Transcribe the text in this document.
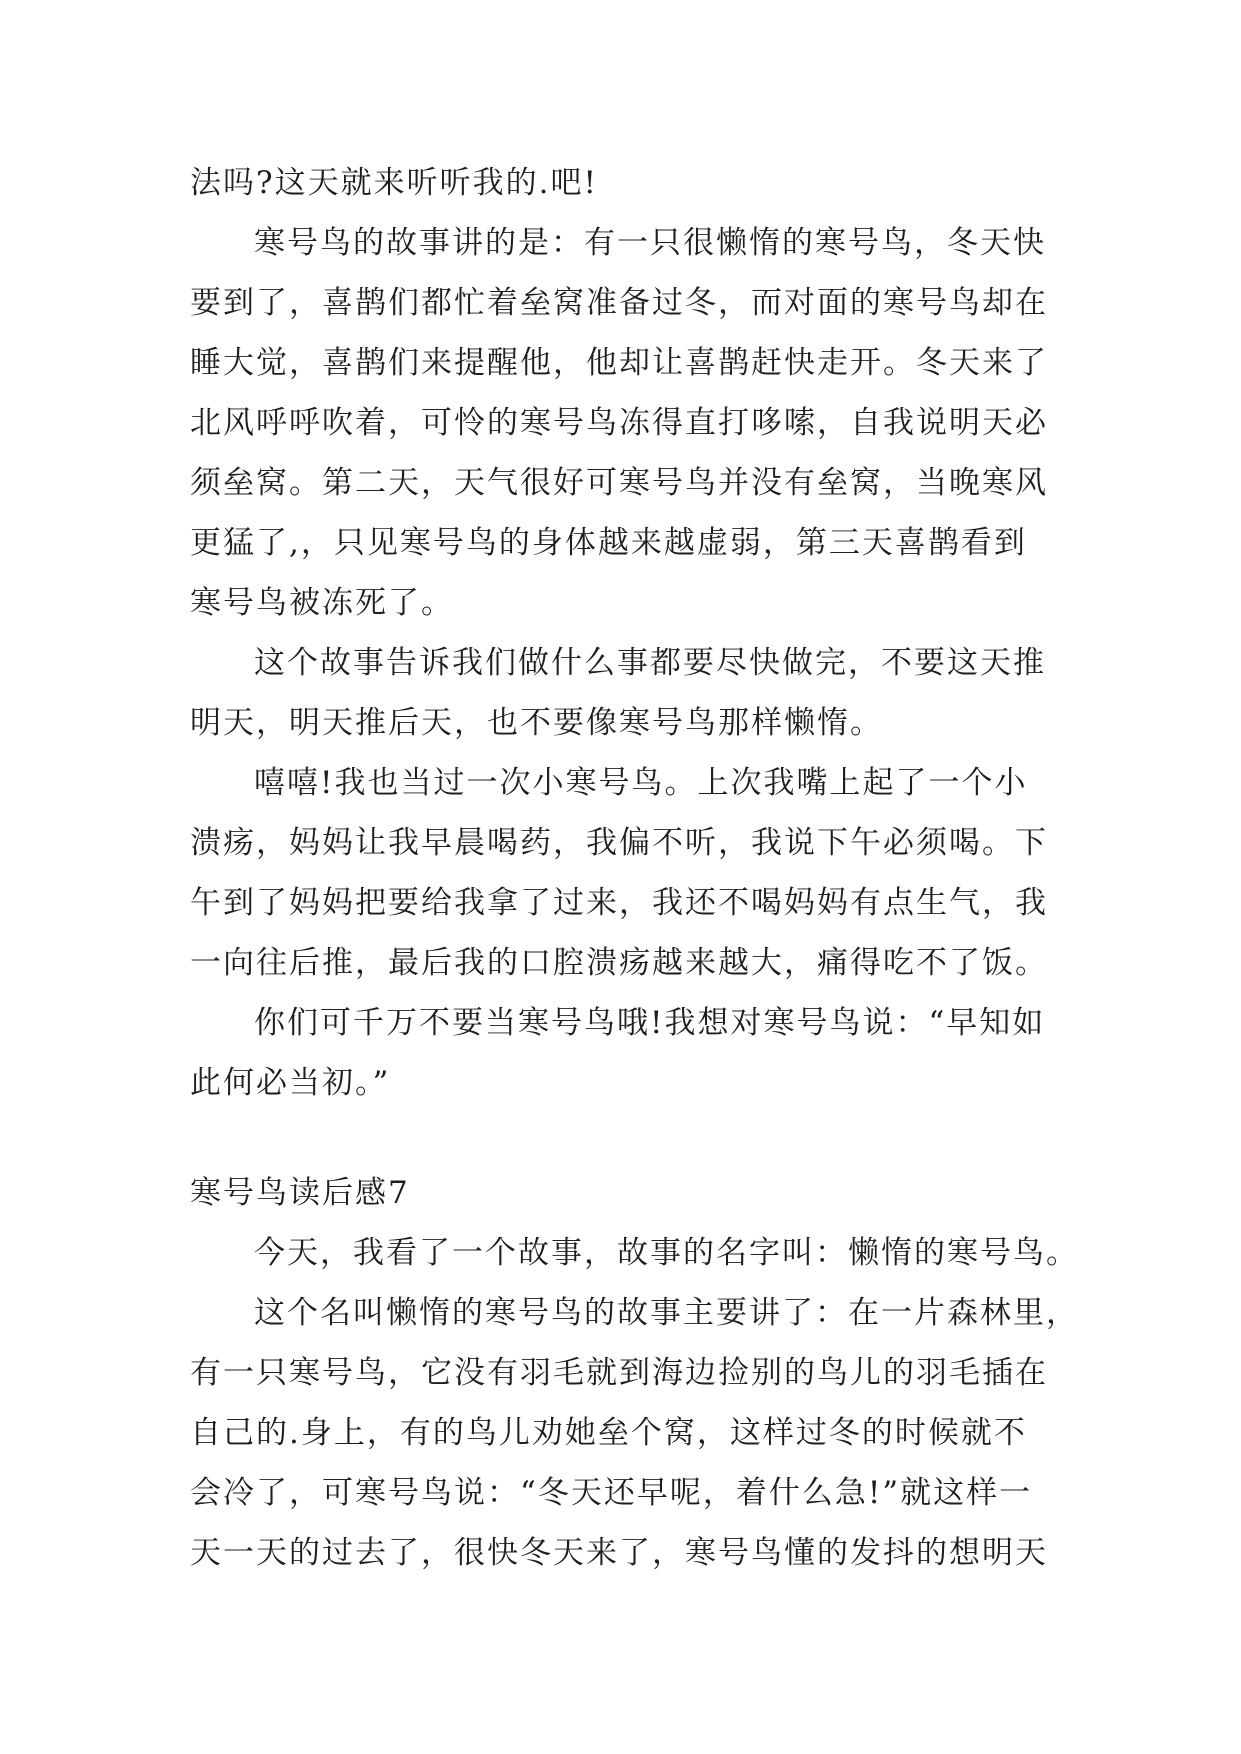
法吗?这天就来听听我的.吧!

寒号鸟的故事讲的是：有一只很懒惰的寒号鸟，冬天快

要到了，喜鹊们都忙着垒窝准备过冬，而对面的寒号鸟却在

睡大觉，喜鹊们来提醒他，他却让喜鹊赶快走开。冬天来了

北风呼呼吹着，可怜的寒号鸟冻得直打哆嗦，自我说明天必

须垒窝。第二天，天气很好可寒号鸟并没有垒窝，当晚寒风

更猛了,，只见寒号鸟的身体越来越虚弱，第三天喜鹊看到

寒号鸟被冻死了。

这个故事告诉我们做什么事都要尽快做完，不要这天推

明天，明天推后天，也不要像寒号鸟那样懒惰。

嘻嘻!我也当过一次小寒号鸟。上次我嘴上起了一个小

溃疡，妈妈让我早晨喝药，我偏不听，我说下午必须喝。下

午到了妈妈把要给我拿了过来，我还不喝妈妈有点生气，我

一向往后推，最后我的口腔溃疡越来越大，痛得吃不了饭。

你们可千万不要当寒号鸟哦!我想对寒号鸟说：“早知如

此何必当初。”

寒号鸟读后感7

今天，我看了一个故事，故事的名字叫：懒惰的寒号鸟。

这个名叫懒惰的寒号鸟的故事主要讲了：在一片森林里，

有一只寒号鸟，它没有羽毛就到海边捡别的鸟儿的羽毛插在

自己的.身上，有的鸟儿劝她垒个窝，这样过冬的时候就不

会冷了，可寒号鸟说：“冬天还早呢，着什么急!”就这样一

天一天的过去了，很快冬天来了，寒号鸟懂的发抖的想明天
